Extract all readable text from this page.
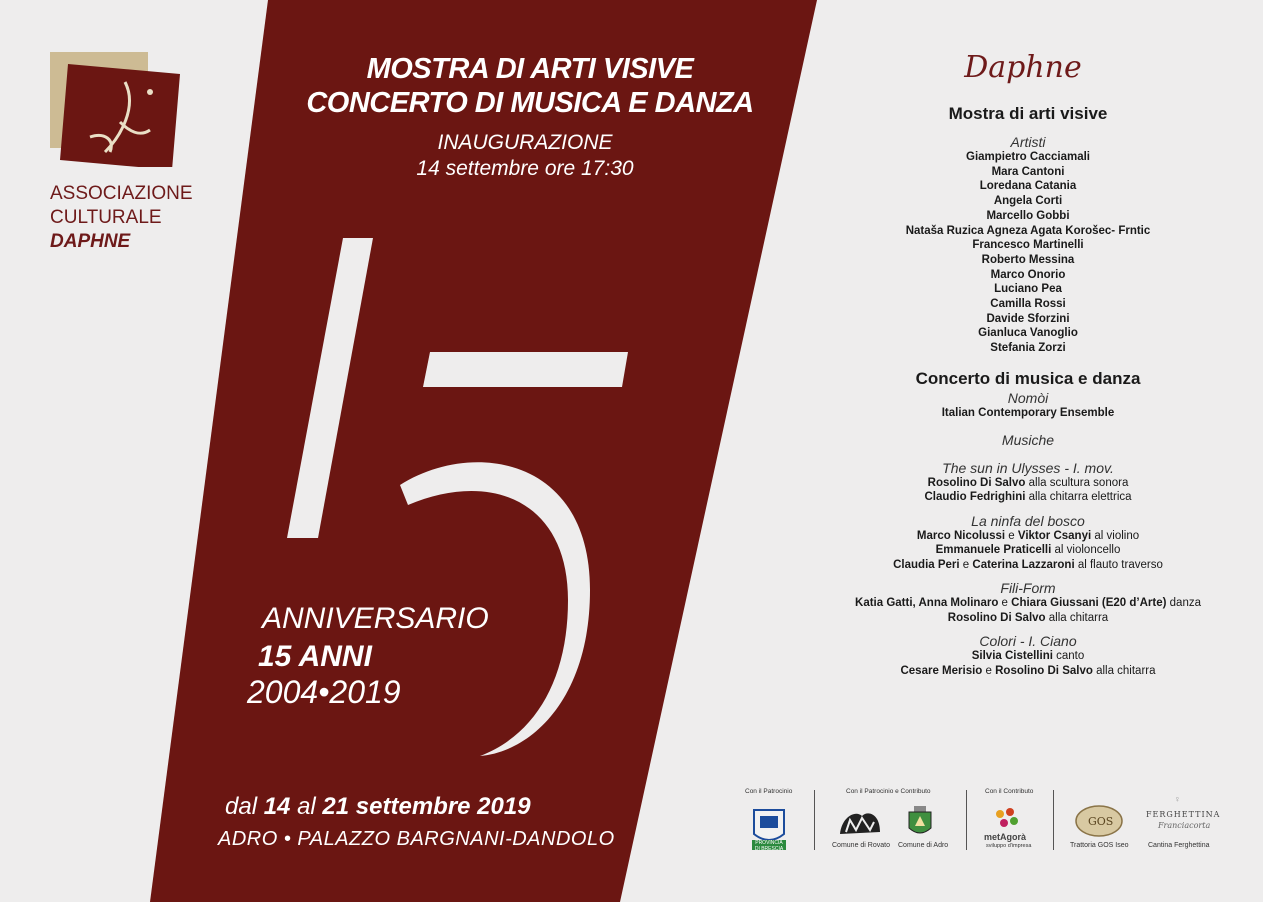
ASSOCIAZIONE
CULTURALE
DAPHNE
MOSTRA DI ARTI VISIVE
CONCERTO DI MUSICA E DANZA
INAUGURAZIONE
14 settembre ore 17:30
ANNIVERSARIO
15 ANNI
2004•2019
dal 14 al 21 settembre 2019
ADRO • PALAZZO BARGNANI-DANDOLO
Daphne
Mostra di arti visive
Artisti
Giampietro Cacciamali
Mara Cantoni
Loredana Catania
Angela Corti
Marcello Gobbi
Nataša Ruzica Agneza Agata Korošec- Frntic
Francesco Martinelli
Roberto Messina
Marco Onorio
Luciano Pea
Camilla Rossi
Davide Sforzini
Gianluca Vanoglio
Stefania Zorzi
Concerto di musica e danza
Nomòi
Italian Contemporary Ensemble
Musiche
The sun in Ulysses - I. mov.
Rosolino Di Salvo alla scultura sonora
Claudio Fedrighini alla chitarra elettrica
La ninfa del bosco
Marco Nicolussi e Viktor Csanyi al violino
Emmanuele Praticelli al violoncello
Claudia Peri e Caterina Lazzaroni al flauto traverso
Fili-Form
Katia Gatti, Anna Molinaro e Chiara Giussani (E20 d’Arte) danza
Rosolino Di Salvo alla chitarra
Colori - I. Ciano
Silvia Cistellini canto
Cesare Merisio e Rosolino Di Salvo alla chitarra
Con il Patrocinio
PROVINCIA DI BRESCIA
Con il Patrocinio e Contributo
Comune di Rovato Comune di Adro
Con il Contributo
metAgorà
sviluppo d'impresa
GOS
Trattoria GOS Iseo
♀
FERGHETTINA
Franciacorta
Cantina Ferghettina
